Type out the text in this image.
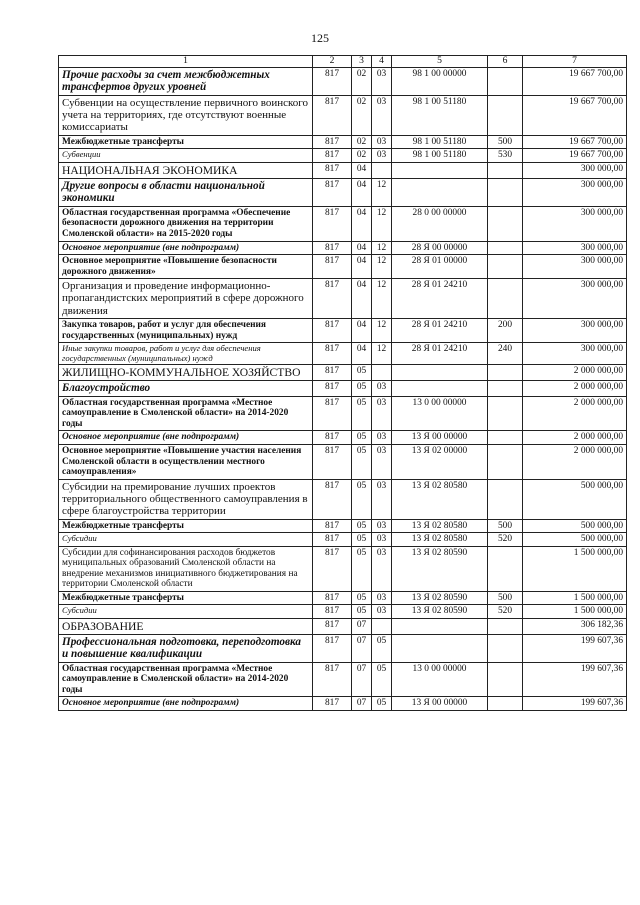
125
1	2	3	4	5	6	7
Прочие расходы за счет межбюджетных трансфертов других уровней	817	02	03	98 1 00 00000		19 667 700,00
Субвенции на осуществление первичного воинского учета на территориях, где отсутствуют военные комиссариаты	817	02	03	98 1 00 51180		19 667 700,00
Межбюджетные трансферты	817	02	03	98 1 00 51180	500	19 667 700,00
Субвенции	817	02	03	98 1 00 51180	530	19 667 700,00
НАЦИОНАЛЬНАЯ ЭКОНОМИКА	817	04				300 000,00
Другие вопросы в области национальной экономики	817	04	12			300 000,00
Областная государственная программа «Обеспечение безопасности дорожного движения на территории Смоленской области» на 2015-2020 годы	817	04	12	28 0 00 00000		300 000,00
Основное мероприятие (вне подпрограмм)	817	04	12	28 Я 00 00000		300 000,00
Основное мероприятие «Повышение безопасности дорожного движения»	817	04	12	28 Я 01 00000		300 000,00
Организация и проведение информационно-пропагандистских мероприятий в сфере дорожного движения	817	04	12	28 Я 01 24210		300 000,00
Закупка товаров, работ и услуг для обеспечения государственных (муниципальных) нужд	817	04	12	28 Я 01 24210	200	300 000,00
Иные закупки товаров, работ и услуг для обеспечения государственных (муниципальных) нужд	817	04	12	28 Я 01 24210	240	300 000,00
ЖИЛИЩНО-КОММУНАЛЬНОЕ ХОЗЯЙСТВО	817	05				2 000 000,00
Благоустройство	817	05	03			2 000 000,00
Областная государственная программа «Местное самоуправление в Смоленской области» на 2014-2020 годы	817	05	03	13 0 00 00000		2 000 000,00
Основное мероприятие (вне подпрограмм)	817	05	03	13 Я 00 00000		2 000 000,00
Основное мероприятие «Повышение участия населения Смоленской области в осуществлении местного самоуправления»	817	05	03	13 Я 02 00000		2 000 000,00
Субсидии на премирование лучших проектов территориального общественного самоуправления в сфере благоустройства территории	817	05	03	13 Я 02 80580		500 000,00
Межбюджетные трансферты	817	05	03	13 Я 02 80580	500	500 000,00
Субсидии	817	05	03	13 Я 02 80580	520	500 000,00
Субсидии для софинансирования расходов бюджетов муниципальных образований Смоленской области на внедрение механизмов инициативного бюджетирования на территории Смоленской области	817	05	03	13 Я 02 80590		1 500 000,00
Межбюджетные трансферты	817	05	03	13 Я 02 80590	500	1 500 000,00
Субсидии	817	05	03	13 Я 02 80590	520	1 500 000,00
ОБРАЗОВАНИЕ	817	07				306 182,36
Профессиональная подготовка, переподготовка и повышение квалификации	817	07	05			199 607,36
Областная государственная программа «Местное самоуправление в Смоленской области» на 2014-2020 годы	817	07	05	13 0 00 00000		199 607,36
Основное мероприятие (вне подпрограмм)	817	07	05	13 Я 00 00000		199 607,36
